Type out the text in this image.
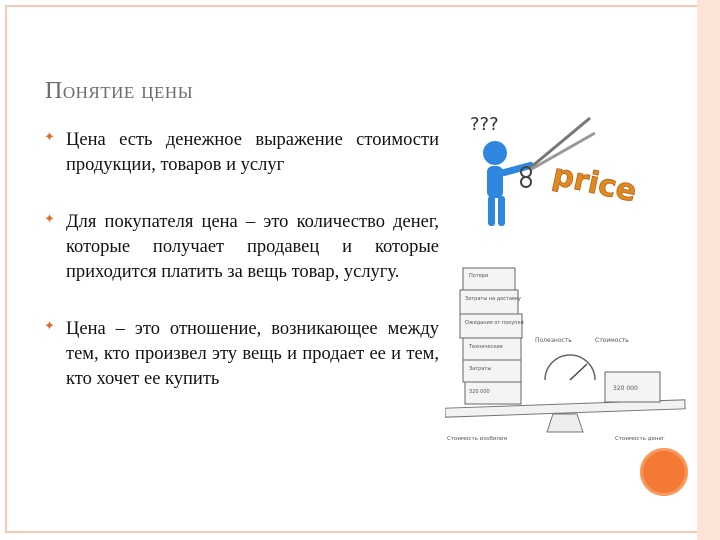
Понятие цены
✦ Цена есть денежное выражение стоимости продукции, товаров и услуг
✦ Для покупателя цена – это количество денег, которые получает продавец и которые приходится платить за вещь товар, услугу.
✦ Цена – это отношение, возникающее между тем, кто произвел эту вещь и продает ее и тем, кто хочет ее купить
???
price
Потери
Затраты на доставку
Ожидания от покупки
Технические
Затраты
320 000	320 000
Полезность	Стоимость
Стоимость изобилия	Стоимость денег
